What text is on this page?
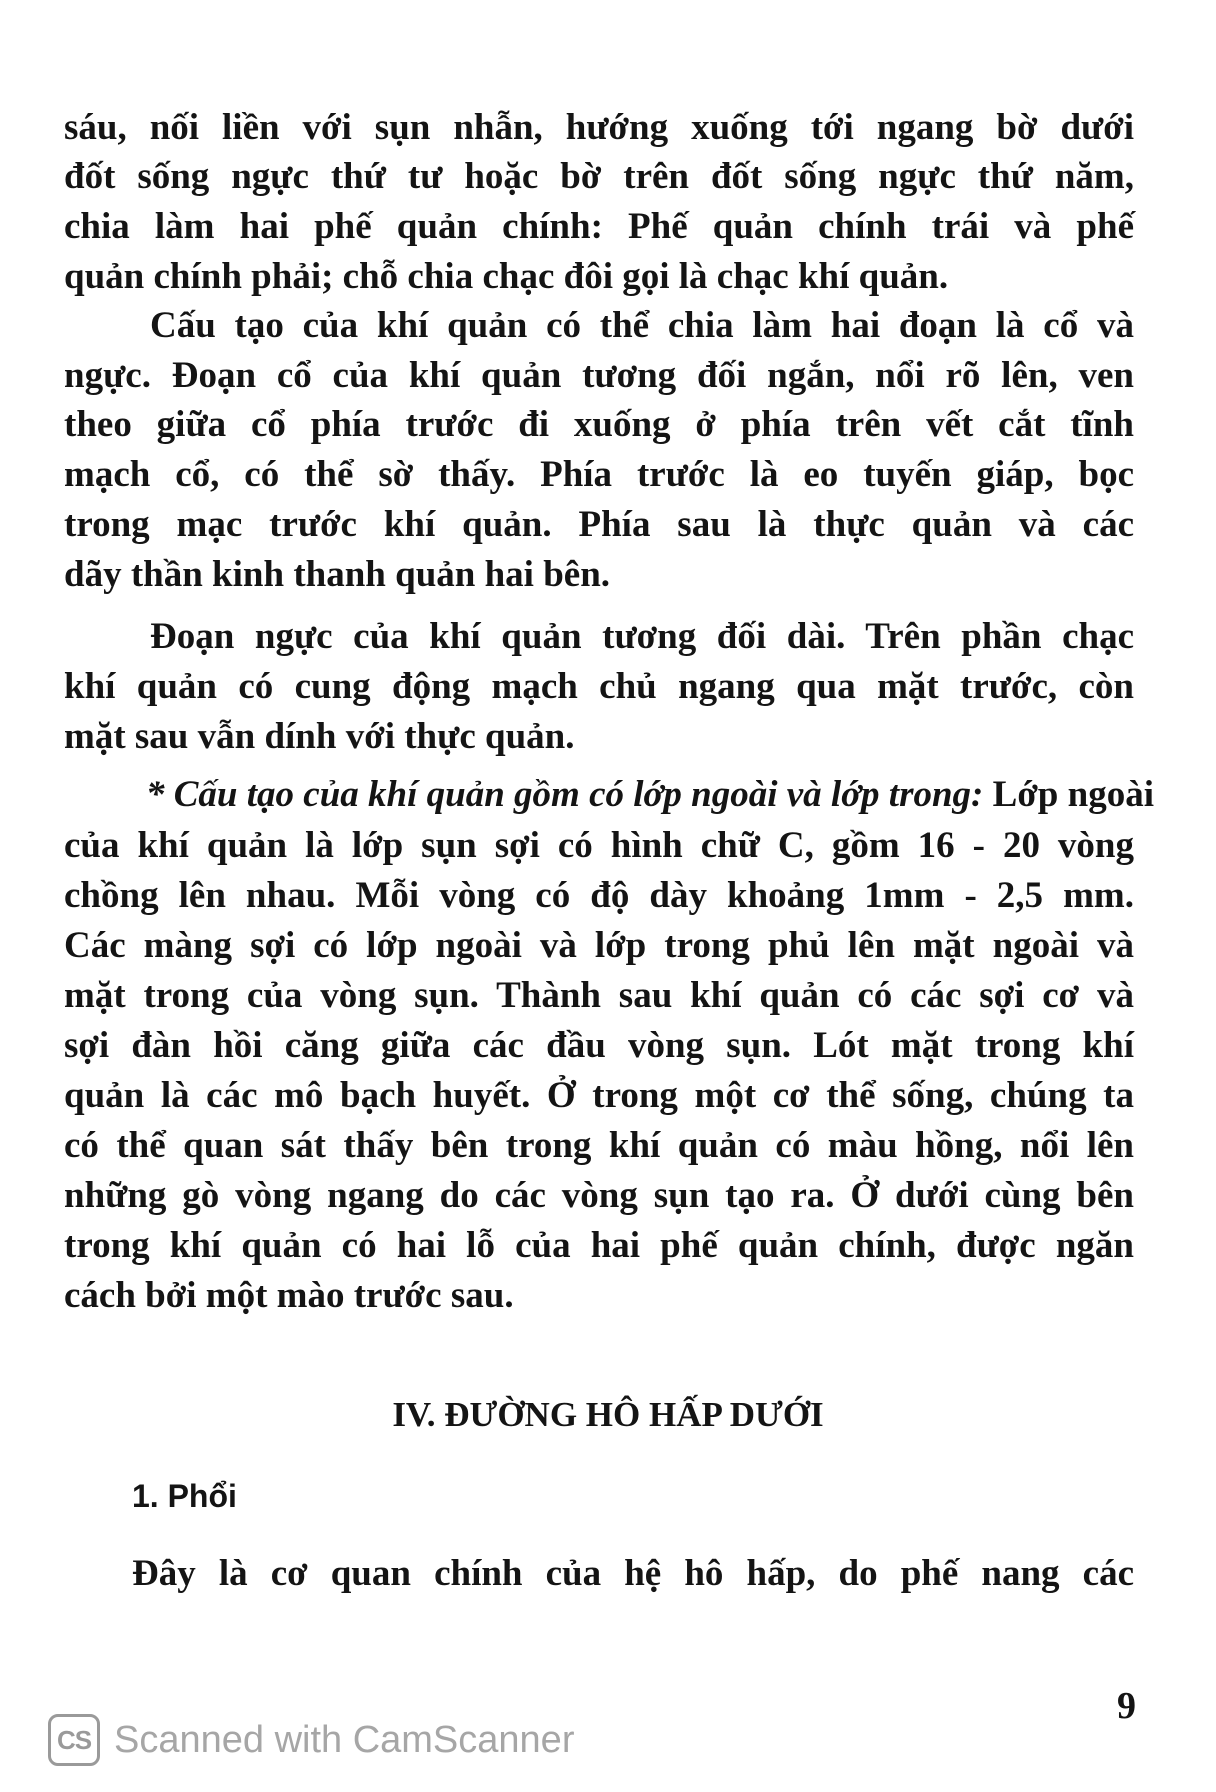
sáu, nối liền với sụn nhẫn, hướng xuống tới ngang bờ dưới
đốt sống ngực thứ tư hoặc bờ trên đốt sống ngực thứ năm,
chia làm hai phế quản chính: Phế quản chính trái và phế
quản chính phải; chỗ chia chạc đôi gọi là chạc khí quản.
Cấu tạo của khí quản có thể chia làm hai đoạn là cổ và
ngực. Đoạn cổ của khí quản tương đối ngắn, nổi rõ lên, ven
theo giữa cổ phía trước đi xuống ở phía trên vết cắt tĩnh
mạch cổ, có thể sờ thấy. Phía trước là eo tuyến giáp, bọc
trong mạc trước khí quản. Phía sau là thực quản và các
dãy thần kinh thanh quản hai bên.
Đoạn ngực của khí quản tương đối dài. Trên phần chạc
khí quản có cung động mạch chủ ngang qua mặt trước, còn
mặt sau vẫn dính với thực quản.
* Cấu tạo của khí quản gồm có lớp ngoài và lớp trong: Lớp ngoài
của khí quản là lớp sụn sợi có hình chữ C, gồm 16 - 20 vòng
chồng lên nhau. Mỗi vòng có độ dày khoảng 1mm - 2,5 mm.
Các màng sợi có lớp ngoài và lớp trong phủ lên mặt ngoài và
mặt trong của vòng sụn. Thành sau khí quản có các sợi cơ và
sợi đàn hồi căng giữa các đầu vòng sụn. Lót mặt trong khí
quản là các mô bạch huyết. Ở trong một cơ thể sống, chúng ta
có thể quan sát thấy bên trong khí quản có màu hồng, nổi lên
những gò vòng ngang do các vòng sụn tạo ra. Ở dưới cùng bên
trong khí quản có hai lỗ của hai phế quản chính, được ngăn
cách bởi một mào trước sau.
IV. ĐƯỜNG HÔ HẤP DƯỚI
1. Phổi
Đây là cơ quan chính của hệ hô hấp, do phế nang các
9
CS Scanned with CamScanner
